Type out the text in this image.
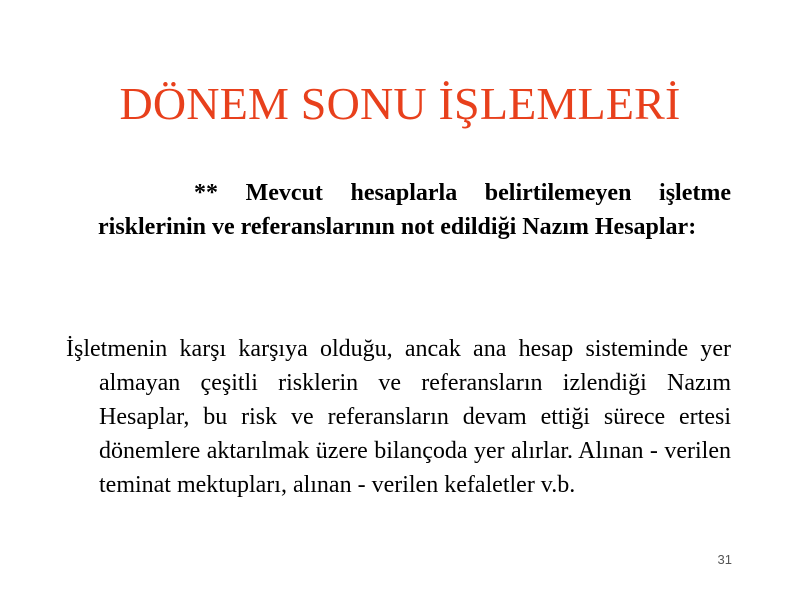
DÖNEM SONU İŞLEMLERİ
** Mevcut hesaplarla belirtilemeyen işletme risklerinin ve referanslarının not edildiği Nazım Hesaplar:
İşletmenin karşı karşıya olduğu, ancak ana hesap sisteminde yer almayan çeşitli risklerin ve referansların izlendiği Nazım Hesaplar, bu risk ve referansların devam ettiği sürece ertesi dönemlere aktarılmak üzere bilançoda yer alırlar. Alınan - verilen teminat mektupları, alınan - verilen kefaletler v.b.
31
